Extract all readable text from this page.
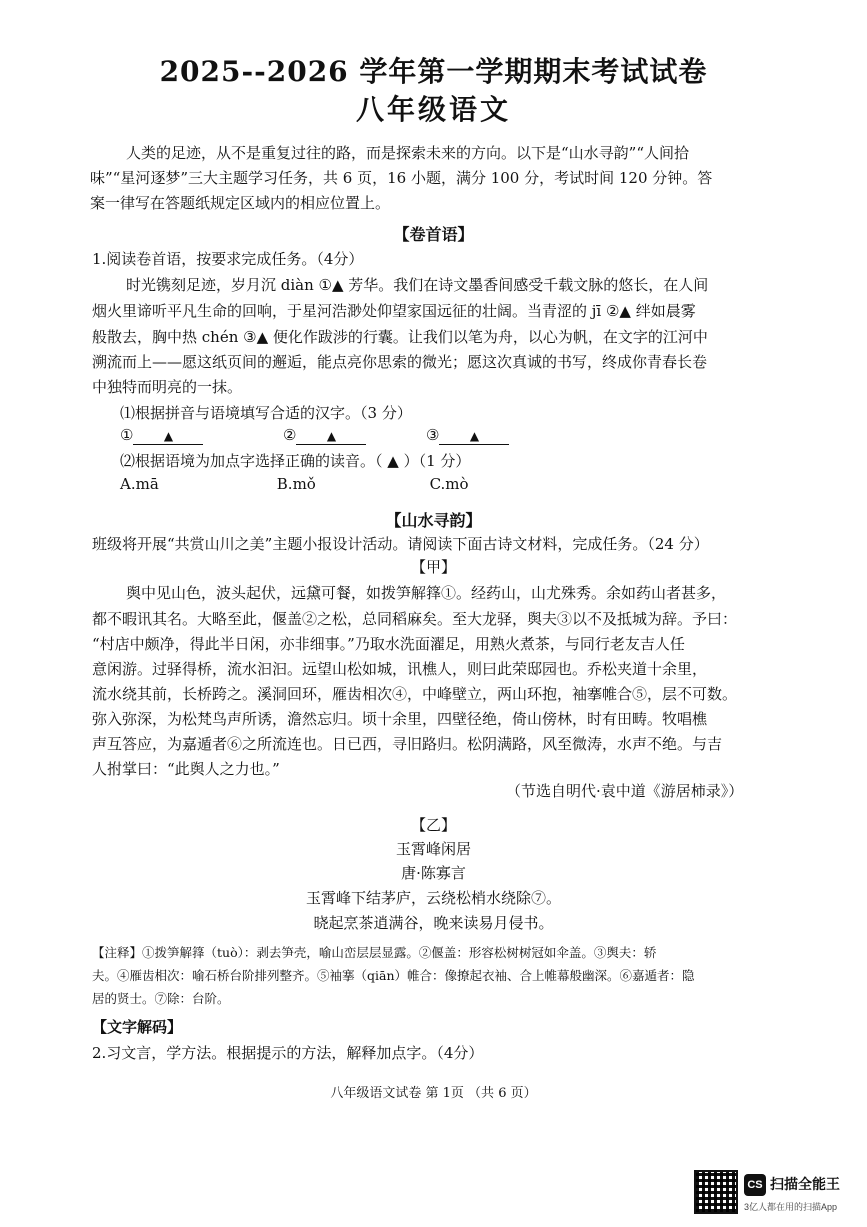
2025--2026 学年第一学期期末考试试卷
八年级语文
人类的足迹，从不是重复过往的路，而是探索未来的方向。以下是“山水寻韵”“人间拾
味”“星河逐梦”三大主题学习任务，共 6 页，16 小题，满分 100 分，考试时间 120 分钟。答
案一律写在答题纸规定区域内的相应位置上。
【卷首语】
1.阅读卷首语，按要求完成任务。（4分）
时光镌刻足迹，岁月沉 diàn ①▲ 芳华。我们在诗文墨香间感受千载文脉的悠长，在人间
烟火里谛听平凡生命的回响，于星河浩渺处仰望家国远征的壮阔。当青涩的 jī ②▲ 绊如晨雾
般散去，胸中热 chén ③▲ 便化作跋涉的行囊。让我们以笔为舟，以心为帆，在文字的江河中
溯流而上——愿这纸页间的邂逅，能点亮你思索的微光；愿这次真诚的书写，终成你青春长卷
中独特而明亮的一抹。
⑴根据拼音与语境填写合适的汉字。（3 分）
①	▲	②	▲	③	▲
⑵根据语境为加点字选择正确的读音。（ ▲ ）（1 分）
A.mā	B.mǒ	C.mò
【山水寻韵】
班级将开展“共赏山川之美”主题小报设计活动。请阅读下面古诗文材料，完成任务。（24 分）
【甲】
舆中见山色，波头起伏，远黛可餐，如拨笋解箨①。经药山，山尤殊秀。余如药山者甚多，
都不暇讯其名。大略至此，偃盖②之松，总同稻麻矣。至大龙驿，舆夫③以不及抵城为辞。予曰：
“村店中颇净，得此半日闲，亦非细事。”乃取水洗面濯足，用熟火煮茶，与同行老友吉人任
意闲游。过驿得桥，流水汩汩。远望山松如城，讯樵人，则曰此荣邸园也。乔松夹道十余里，
流水绕其前，长桥跨之。溪洞回环，雁齿相次④，中峰壁立，两山环抱，袖搴帷合⑤，层不可数。
弥入弥深，为松梵鸟声所诱，澹然忘归。顷十余里，四壁径绝，倚山傍林，时有田畴。牧唱樵
声互答应，为嘉遁者⑥之所流连也。日已西，寻旧路归。松阴满路，风至微涛，水声不绝。与吉
人拊掌曰：“此舆人之力也。”
（节选自明代·袁中道《游居柿录》）
【乙】
玉霄峰闲居
唐·陈寡言
玉霄峰下结茅庐，云绕松梢水绕除⑦。
晓起烹茶逍满谷，晚来读易月侵书。
【注释】①拨笋解箨（tuò）：剥去笋壳，喻山峦层层显露。②偃盖：形容松树树冠如伞盖。③舆夫：轿
夫。④雁齿相次：喻石桥台阶排列整齐。⑤袖搴（qiān）帷合：像撩起衣袖、合上帷幕般幽深。⑥嘉遁者：隐
居的贤士。⑦除：台阶。
【文字解码】
2.习文言，学方法。根据提示的方法，解释加点字。（4分）
八年级语文试卷 第 1页 （共 6 页）
CS 扫描全能王
3亿人都在用的扫描App
